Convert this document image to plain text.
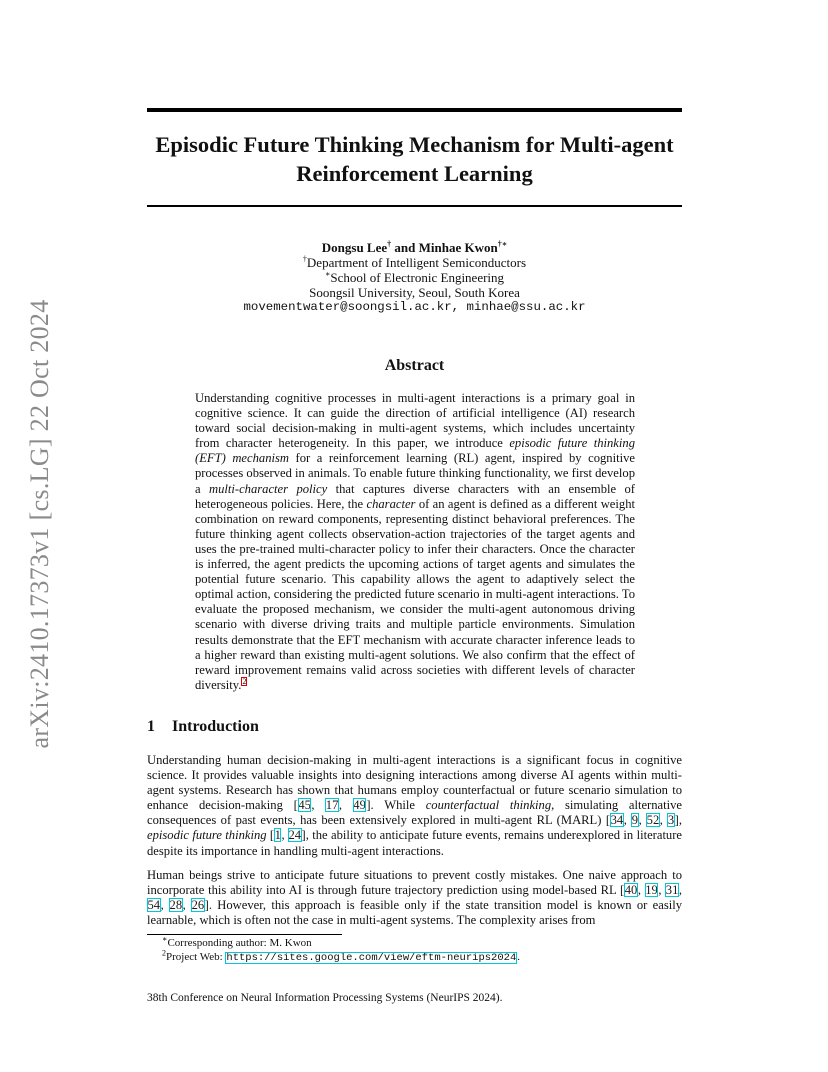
arXiv:2410.17373v1 [cs.LG] 22 Oct 2024
Episodic Future Thinking Mechanism for Multi-agent
Reinforcement Learning
Dongsu Lee† and Minhae Kwon†∗
†Department of Intelligent Semiconductors
∗School of Electronic Engineering
Soongsil University, Seoul, South Korea
movementwater@soongsil.ac.kr, minhae@ssu.ac.kr
Abstract

Understanding cognitive processes in multi-agent interactions is a primary goal in cognitive science. It can guide the direction of artificial intelligence (AI) research toward social decision-making in multi-agent systems, which includes uncertainty from character heterogeneity. In this paper, we introduce episodic future thinking (EFT) mechanism for a reinforcement learning (RL) agent, inspired by cognitive processes observed in animals. To enable future thinking functionality, we first develop a multi-character policy that captures diverse characters with an ensemble of heterogeneous policies. Here, the character of an agent is defined as a different weight combination on reward components, representing distinct behavioral preferences. The future thinking agent collects observation-action trajectories of the target agents and uses the pre-trained multi-character policy to infer their characters. Once the character is inferred, the agent predicts the upcoming actions of target agents and simulates the potential future scenario. This capability allows the agent to adaptively select the optimal action, considering the predicted future scenario in multi-agent interactions. To evaluate the proposed mechanism, we consider the multi-agent autonomous driving scenario with diverse driving traits and multiple particle environments. Simulation results demonstrate that the EFT mechanism with accurate character inference leads to a higher reward than existing multi-agent solutions. We also confirm that the effect of reward improvement remains valid across societies with different levels of character diversity.$^2$

1 Introduction

Understanding human decision-making in multi-agent interactions is a significant focus in cognitive science. It provides valuable insights into designing interactions among diverse AI agents within multi-agent systems. Research has shown that humans employ counterfactual or future scenario simulation to enhance decision-making [45, 17, 49]. While counterfactual thinking, simulating alternative consequences of past events, has been extensively explored in multi-agent RL (MARL) [34, 9, 52, 3], episodic future thinking [1, 24], the ability to anticipate future events, remains underexplored in literature despite its importance in handling multi-agent interactions.

Human beings strive to anticipate future situations to prevent costly mistakes. One naive approach to incorporate this ability into AI is through future trajectory prediction using model-based RL [40, 19, 31, 54, 28, 26]. However, this approach is feasible only if the state transition model is known or easily learnable, which is often not the case in multi-agent systems. The complexity arises from

∗Corresponding author: M. Kwon
$^2$Project Web: https://sites.google.com/view/eftm-neurips2024.
38th Conference on Neural Information Processing Systems (NeurIPS 2024).
